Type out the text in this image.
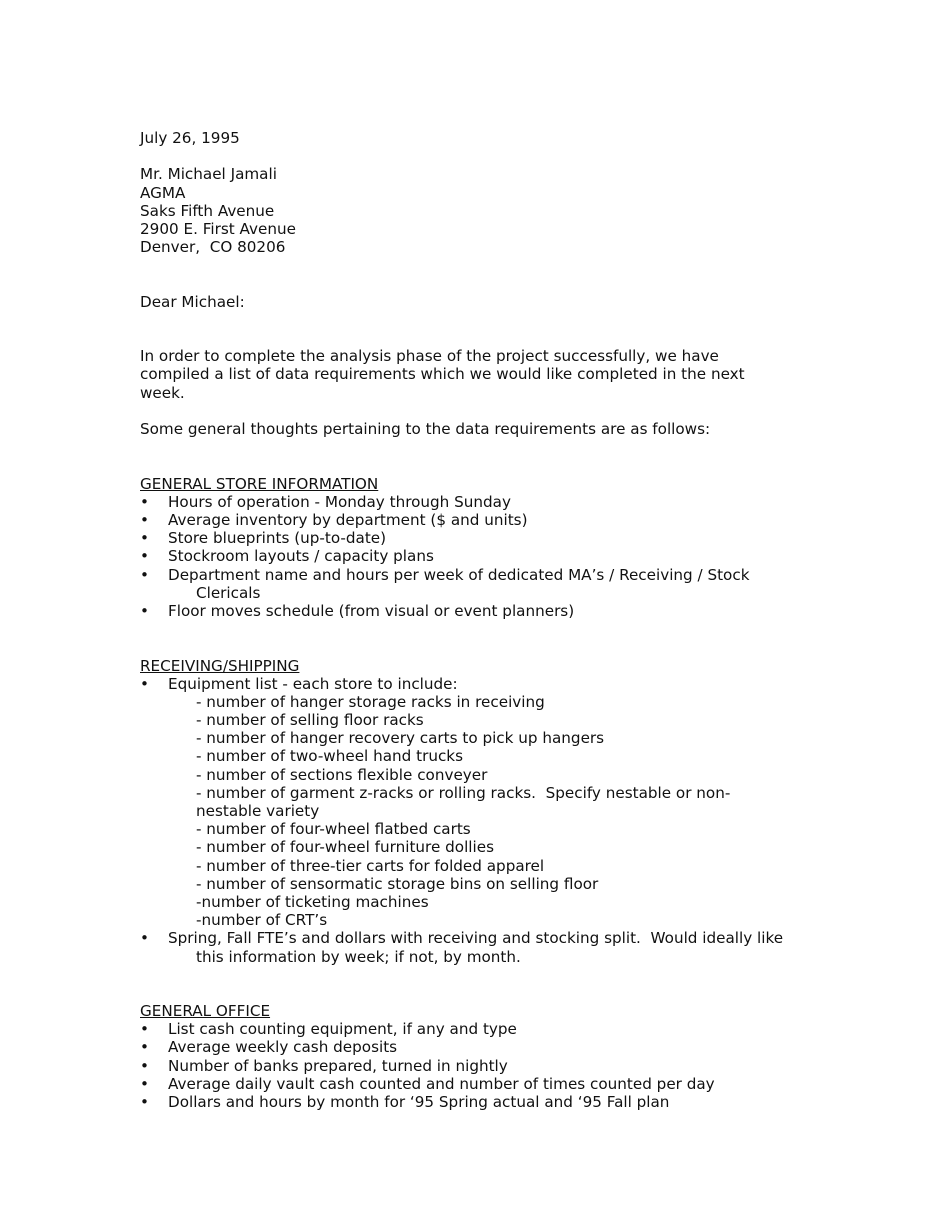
July 26, 1995
Mr. Michael Jamali
AGMA
Saks Fifth Avenue
2900 E. First Avenue
Denver,  CO 80206
Dear Michael:
In order to complete the analysis phase of the project successfully, we have
compiled a list of data requirements which we would like completed in the next
week.
Some general thoughts pertaining to the data requirements are as follows:
GENERAL STORE INFORMATION
• Hours of operation - Monday through Sunday
• Average inventory by department ($ and units)
• Store blueprints (up-to-date)
• Stockroom layouts / capacity plans
• Department name and hours per week of dedicated MA’s / Receiving / Stock
Clericals
• Floor moves schedule (from visual or event planners)
RECEIVING/SHIPPING
• Equipment list - each store to include:
- number of hanger storage racks in receiving
- number of selling floor racks
- number of hanger recovery carts to pick up hangers
- number of two-wheel hand trucks
- number of sections flexible conveyer
- number of garment z-racks or rolling racks.  Specify nestable or non-
nestable variety
- number of four-wheel flatbed carts
- number of four-wheel furniture dollies
- number of three-tier carts for folded apparel
- number of sensormatic storage bins on selling floor
-number of ticketing machines
-number of CRT’s
• Spring, Fall FTE’s and dollars with receiving and stocking split.  Would ideally like
this information by week; if not, by month.
GENERAL OFFICE
• List cash counting equipment, if any and type
• Average weekly cash deposits
• Number of banks prepared, turned in nightly
• Average daily vault cash counted and number of times counted per day
• Dollars and hours by month for ‘95 Spring actual and ‘95 Fall plan
